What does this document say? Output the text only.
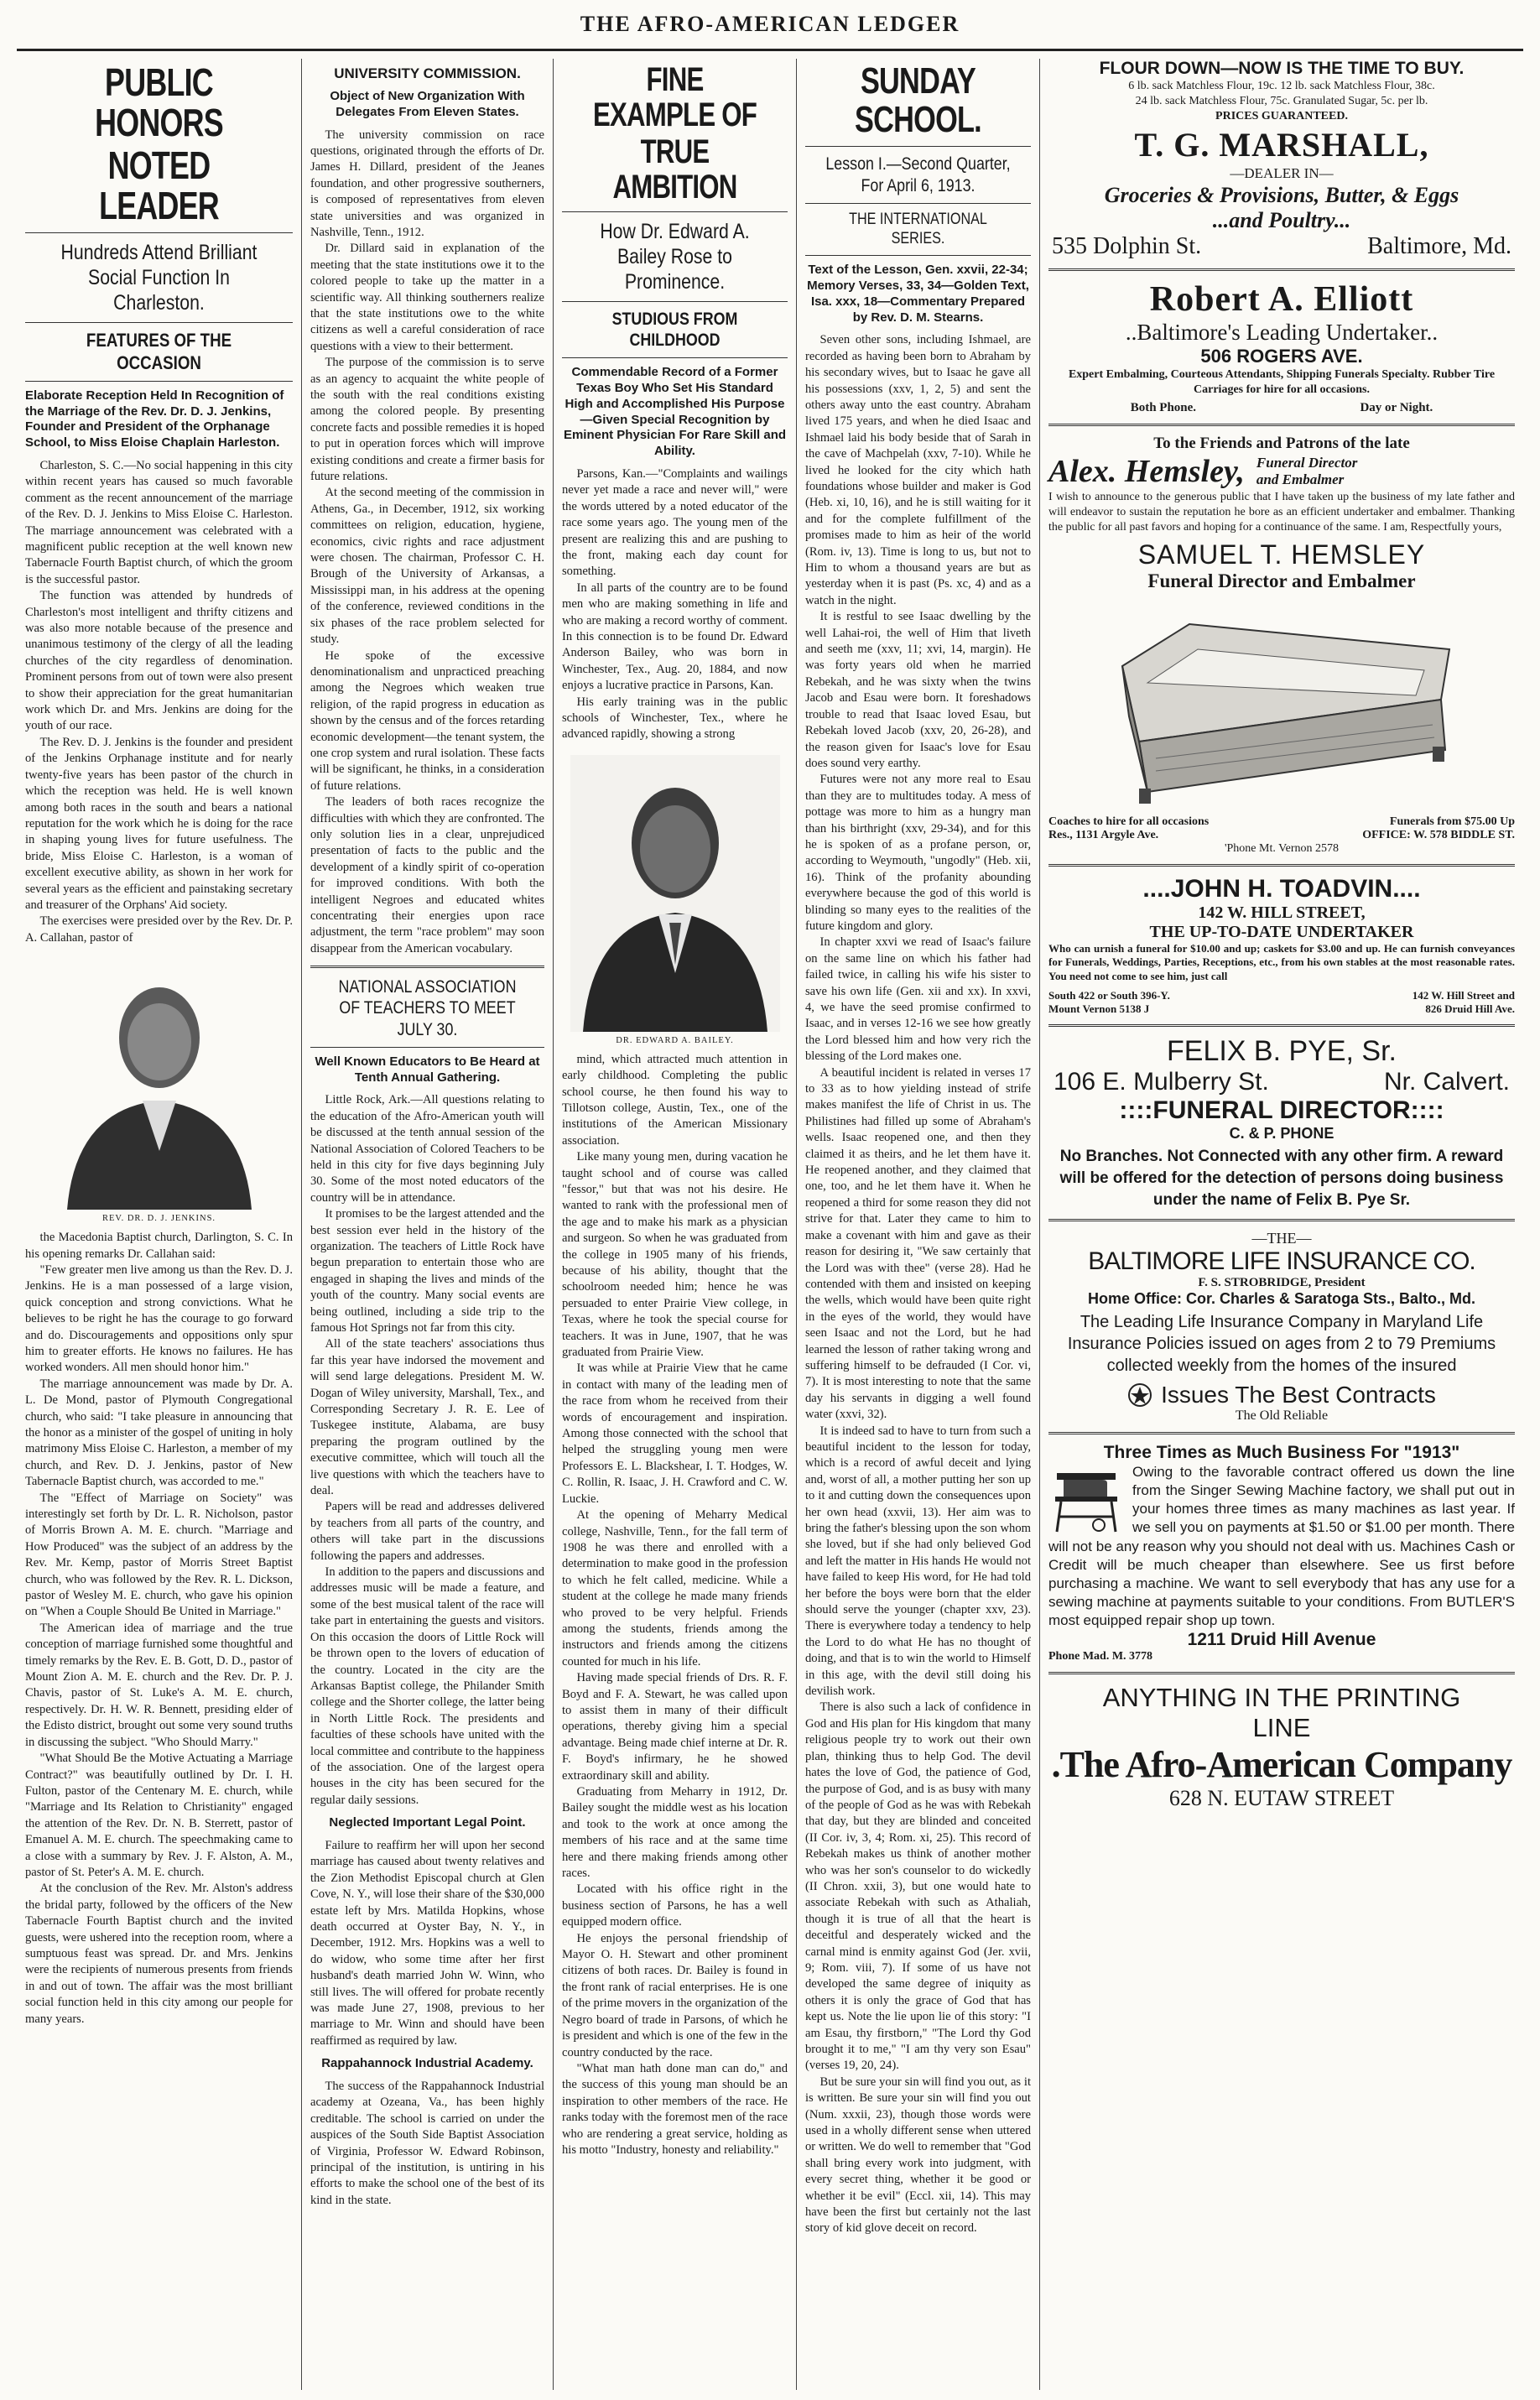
THE AFRO-AMERICAN LEDGER
PUBLIC HONORS
NOTED LEADER
Hundreds Attend Brilliant Social Function In Charleston.
FEATURES OF THE OCCASION
Elaborate Reception Held In Recognition of the Marriage of the Rev. Dr. D. J. Jenkins, Founder and President of the Orphanage School, to Miss Eloise Chaplain Harleston.

Charleston, S. C.—No social happening in this city within recent years has caused so much favorable comment as the recent announcement of the marriage of the Rev. D. J. Jenkins to Miss Eloise C. Harleston. The marriage announcement was celebrated with a magnificent public reception at the well known new Tabernacle Fourth Baptist church, of which the groom is the successful pastor.

The function was attended by hundreds of Charleston's most intelligent and thrifty citizens and was also more notable because of the presence and unanimous testimony of the clergy of all the leading churches of the city regardless of denomination. Prominent persons from out of town were also present to show their appreciation for the great humanitarian work which Dr. and Mrs. Jenkins are doing for the youth of our race.

The Rev. D. J. Jenkins is the founder and president of the Jenkins Orphanage institute and for nearly twenty-five years has been pastor of the church in which the reception was held. He is well known among both races in the south and bears a national reputation for the work which he is doing for the race in shaping young lives for future usefulness. The bride, Miss Eloise C. Harleston, is a woman of excellent executive ability, as shown in her work for several years as the efficient and painstaking secretary and treasurer of the Orphans' Aid society.

The exercises were presided over by the Rev. Dr. P. A. Callahan, pastor of

REV. DR. D. J. JENKINS.

the Macedonia Baptist church, Darlington, S. C. In his opening remarks Dr. Callahan said:

"Few greater men live among us than the Rev. D. J. Jenkins. He is a man possessed of a large vision, quick conception and strong convictions. What he believes to be right he has the courage to go forward and do. Discouragements and oppositions only spur him to greater efforts. He knows no failures. He has worked wonders. All men should honor him."

The marriage announcement was made by Dr. A. L. De Mond, pastor of Plymouth Congregational church, who said: "I take pleasure in announcing that the honor as a minister of the gospel of uniting in holy matrimony Miss Eloise C. Harleston, a member of my church, and Rev. D. J. Jenkins, pastor of New Tabernacle Baptist church, was accorded to me."

The "Effect of Marriage on Society" was interestingly set forth by Dr. L. R. Nicholson, pastor of Morris Brown A. M. E. church. "Marriage and How Produced" was the subject of an address by the Rev. Mr. Kemp, pastor of Morris Street Baptist church, who was followed by the Rev. R. L. Dickson, pastor of Wesley M. E. church, who gave his opinion on "When a Couple Should Be United in Marriage."

The American idea of marriage and the true conception of marriage furnished some thoughtful and timely remarks by the Rev. E. B. Gott, D. D., pastor of Mount Zion A. M. E. church and the Rev. Dr. P. J. Chavis, pastor of St. Luke's A. M. E. church, respectively. Dr. H. W. R. Bennett, presiding elder of the Edisto district, brought out some very sound truths in discussing the subject. "Who Should Marry."

"What Should Be the Motive Actuating a Marriage Contract?" was beautifully outlined by Dr. I. H. Fulton, pastor of the Centenary M. E. church, while "Marriage and Its Relation to Christianity" engaged the attention of the Rev. Dr. N. B. Sterrett, pastor of Emanuel A. M. E. church. The speechmaking came to a close with a summary by Rev. J. F. Alston, A. M., pastor of St. Peter's A. M. E. church.

At the conclusion of the Rev. Mr. Alston's address the bridal party, followed by the officers of the New Tabernacle Fourth Baptist church and the invited guests, were ushered into the reception room, where a sumptuous feast was spread. Dr. and Mrs. Jenkins were the recipients of numerous presents from friends in and out of town. The affair was the most brilliant social function held in this city among our people for many years.

UNIVERSITY COMMISSION.
Object of New Organization With Delegates From Eleven States.

The university commission on race questions, originated through the efforts of Dr. James H. Dillard, president of the Jeanes foundation, and other progressive southerners, is composed of representatives from eleven state universities and was organized in Nashville, Tenn., 1912.

Dr. Dillard said in explanation of the meeting that the state institutions owe it to the colored people to take up the matter in a scientific way. All thinking southerners realize that the state institutions owe to the white citizens as well a careful consideration of race questions with a view to their betterment.

The purpose of the commission is to serve as an agency to acquaint the white people of the south with the real conditions existing among the colored people. By presenting concrete facts and possible remedies it is hoped to put in operation forces which will improve existing conditions and create a firmer basis for future relations.

At the second meeting of the commission in Athens, Ga., in December, 1912, six working committees on religion, education, hygiene, economics, civic rights and race adjustment were chosen. The chairman, Professor C. H. Brough of the University of Arkansas, a Mississippi man, in his address at the opening of the conference, reviewed conditions in the six phases of the race problem selected for study.

He spoke of the excessive denominationalism and unpracticed preaching among the Negroes which weaken true religion, of the rapid progress in education as shown by the census and of the forces retarding economic development—the tenant system, the one crop system and rural isolation. These facts will be significant, he thinks, in a consideration of future relations.

The leaders of both races recognize the difficulties with which they are confronted. The only solution lies in a clear, unprejudiced presentation of facts to the public and the development of a kindly spirit of co-operation for improved conditions. With both the intelligent Negroes and educated whites concentrating their energies upon race adjustment, the term "race problem" may soon disappear from the American vocabulary.

NATIONAL ASSOCIATION OF TEACHERS TO MEET JULY 30.
Well Known Educators to Be Heard at Tenth Annual Gathering.

Little Rock, Ark.—All questions relating to the education of the Afro-American youth will be discussed at the tenth annual session of the National Association of Colored Teachers to be held in this city for five days beginning July 30. Some of the most noted educators of the country will be in attendance.

It promises to be the largest attended and the best session ever held in the history of the organization. The teachers of Little Rock have begun preparation to entertain those who are engaged in shaping the lives and minds of the youth of the country. Many social events are being outlined, including a side trip to the famous Hot Springs not far from this city.

All of the state teachers' associations thus far this year have indorsed the movement and will send large delegations. President M. W. Dogan of Wiley university, Marshall, Tex., and Corresponding Secretary J. R. E. Lee of Tuskegee institute, Alabama, are busy preparing the program outlined by the executive committee, which will touch all the live questions with which the teachers have to deal.

Papers will be read and addresses delivered by teachers from all parts of the country, and others will take part in the discussions following the papers and addresses.

In addition to the papers and discussions and addresses music will be made a feature, and some of the best musical talent of the race will take part in entertaining the guests and visitors. On this occasion the doors of Little Rock will be thrown open to the lovers of education of the country. Located in the city are the Arkansas Baptist college, the Philander Smith college and the Shorter college, the latter being in North Little Rock. The presidents and faculties of these schools have united with the local committee and contribute to the happiness of the association. One of the largest opera houses in the city has been secured for the regular daily sessions.

Neglected Important Legal Point.

Failure to reaffirm her will upon her second marriage has caused about twenty relatives and the Zion Methodist Episcopal church at Glen Cove, N. Y., will lose their share of the $30,000 estate left by Mrs. Matilda Hopkins, whose death occurred at Oyster Bay, N. Y., in December, 1912. Mrs. Hopkins was a well to do widow, who some time after her first husband's death married John W. Winn, who still lives. The will offered for probate recently was made June 27, 1908, previous to her marriage to Mr. Winn and should have been reaffirmed as required by law.

Rappahannock Industrial Academy.

The success of the Rappahannock Industrial academy at Ozeana, Va., has been highly creditable. The school is carried on under the auspices of the South Side Baptist Association of Virginia, Professor W. Edward Robinson, principal of the institution, is untiring in his efforts to make the school one of the best of its kind in the state.

FINE EXAMPLE OF
TRUE AMBITION
How Dr. Edward A. Bailey Rose to Prominence.
STUDIOUS FROM CHILDHOOD
Commendable Record of a Former Texas Boy Who Set His Standard High and Accomplished His Purpose—Given Special Recognition by Eminent Physician For Rare Skill and Ability.

Parsons, Kan.—"Complaints and wailings never yet made a race and never will," were the words uttered by a noted educator of the race some years ago. The young men of the present are realizing this and are pushing to the front, making each day count for something.

In all parts of the country are to be found men who are making something in life and who are making a record worthy of comment. In this connection is to be found Dr. Edward Anderson Bailey, who was born in Winchester, Tex., Aug. 20, 1884, and now enjoys a lucrative practice in Parsons, Kan.

His early training was in the public schools of Winchester, Tex., where he advanced rapidly, showing a strong

DR. EDWARD A. BAILEY.

mind, which attracted much attention in early childhood. Completing the public school course, he then found his way to Tillotson college, Austin, Tex., one of the institutions of the American Missionary association.

Like many young men, during vacation he taught school and of course was called "fessor," but that was not his desire. He wanted to rank with the professional men of the age and to make his mark as a physician and surgeon. So when he was graduated from the college in 1905 many of his friends, because of his ability, thought that the schoolroom needed him; hence he was persuaded to enter Prairie View college, in Texas, where he took the special course for teachers. It was in June, 1907, that he was graduated from Prairie View.

It was while at Prairie View that he came in contact with many of the leading men of the race from whom he received from their words of encouragement and inspiration. Among those connected with the school that helped the struggling young men were Professors E. L. Blackshear, I. T. Hodges, W. C. Rollin, R. Isaac, J. H. Crawford and C. W. Luckie.

At the opening of Meharry Medical college, Nashville, Tenn., for the fall term of 1908 he was there and enrolled with a determination to make good in the profession to which he felt called, medicine. While a student at the college he made many friends who proved to be very helpful. Friends among the students, friends among the instructors and friends among the citizens counted for much in his life.

Having made special friends of Drs. R. F. Boyd and F. A. Stewart, he was called upon to assist them in many of their difficult operations, thereby giving him a special advantage. Being made chief interne at Dr. R. F. Boyd's infirmary, he he showed extraordinary skill and ability.

Graduating from Meharry in 1912, Dr. Bailey sought the middle west as his location and took to the work at once among the members of his race and at the same time here and there making friends among other races.

Located with his office right in the business section of Parsons, he has a well equipped modern office.

He enjoys the personal friendship of Mayor O. H. Stewart and other prominent citizens of both races. Dr. Bailey is found in the front rank of racial enterprises. He is one of the prime movers in the organization of the Negro board of trade in Parsons, of which he is president and which is one of the few in the country conducted by the race.

"What man hath done man can do," and the success of this young man should be an inspiration to other members of the race. He ranks today with the foremost men of the race who are rendering a great service, holding as his motto "Industry, honesty and reliability."

SUNDAY SCHOOL.
Lesson I.—Second Quarter, For April 6, 1913.
THE INTERNATIONAL SERIES.
Text of the Lesson, Gen. xxvii, 22-34; Memory Verses, 33, 34—Golden Text, Isa. xxx, 18—Commentary Prepared by Rev. D. M. Stearns.

Seven other sons, including Ishmael, are recorded as having been born to Abraham by his secondary wives, but to Isaac he gave all his possessions (xxv, 1, 2, 5) and sent the others away unto the east country. Abraham lived 175 years, and when he died Isaac and Ishmael laid his body beside that of Sarah in the cave of Machpelah (xxv, 7-10). While he lived he looked for the city which hath foundations whose builder and maker is God (Heb. xi, 10, 16), and he is still waiting for it and for the complete fulfillment of the promises made to him as heir of the world (Rom. iv, 13). Time is long to us, but not to Him to whom a thousand years are but as yesterday when it is past (Ps. xc, 4) and as a watch in the night.

It is restful to see Isaac dwelling by the well Lahai-roi, the well of Him that liveth and seeth me (xxv, 11; xvi, 14, margin). He was forty years old when he married Rebekah, and he was sixty when the twins Jacob and Esau were born. It foreshadows trouble to read that Isaac loved Esau, but Rebekah loved Jacob (xxv, 20, 26-28), and the reason given for Isaac's love for Esau does sound very earthy.

Futures were not any more real to Esau than they are to multitudes today. A mess of pottage was more to him as a hungry man than his birthright (xxv, 29-34), and for this he is spoken of as a profane person, or, according to Weymouth, "ungodly" (Heb. xii, 16). Think of the profanity abounding everywhere because the god of this world is blinding so many eyes to the realities of the future kingdom and glory.

In chapter xxvi we read of Isaac's failure on the same line on which his father had failed twice, in calling his wife his sister to save his own life (Gen. xii and xx). In xxvi, 4, we have the seed promise confirmed to Isaac, and in verses 12-16 we see how greatly the Lord blessed him and how very rich the blessing of the Lord makes one.

A beautiful incident is related in verses 17 to 33 as to how yielding instead of strife makes manifest the life of Christ in us. The Philistines had filled up some of Abraham's wells. Isaac reopened one, and then they claimed it as theirs, and he let them have it. He reopened another, and they claimed that one, too, and he let them have it. When he reopened a third for some reason they did not strive for that. Later they came to him to make a covenant with him and gave as their reason for desiring it, "We saw certainly that the Lord was with thee" (verse 28). Had he contended with them and insisted on keeping the wells, which would have been quite right in the eyes of the world, they would have seen Isaac and not the Lord, but he had learned the lesson of rather taking wrong and suffering himself to be defrauded (I Cor. vi, 7). It is most interesting to note that the same day his servants in digging a well found water (xxvi, 32).

It is indeed sad to have to turn from such a beautiful incident to the lesson for today, which is a record of awful deceit and lying and, worst of all, a mother putting her son up to it and cutting down the consequences upon her own head (xxvii, 13). Her aim was to bring the father's blessing upon the son whom she loved, but if she had only believed God and left the matter in His hands He would not have failed to keep His word, for He had told her before the boys were born that the elder should serve the younger (chapter xxv, 23). There is everywhere today a tendency to help the Lord to do what He has no thought of doing, and that is to win the world to Himself in this age, with the devil still doing his devilish work.

There is also such a lack of confidence in God and His plan for His kingdom that many religious people try to work out their own plan, thinking thus to help God. The devil hates the love of God, the patience of God, the purpose of God, and is as busy with many of the people of God as he was with Rebekah that day, but they are blinded and conceited (II Cor. iv, 3, 4; Rom. xi, 25). This record of Rebekah makes us think of another mother who was her son's counselor to do wickedly (II Chron. xxii, 3), but one would hate to associate Rebekah with such as Athaliah, though it is true of all that the heart is deceitful and desperately wicked and the carnal mind is enmity against God (Jer. xvii, 9; Rom. viii, 7). If some of us have not developed the same degree of iniquity as others it is only the grace of God that has kept us. Note the lie upon lie of this story: "I am Esau, thy firstborn," "The Lord thy God brought it to me," "I am thy very son Esau" (verses 19, 20, 24).

But be sure your sin will find you out, as it is written. Be sure your sin will find you out (Num. xxxii, 23), though those words were used in a wholly different sense when uttered or written. We do well to remember that "God shall bring every work into judgment, with every secret thing, whether it be good or whether it be evil" (Eccl. xii, 14). This may have been the first but certainly not the last story of kid glove deceit on record.

FLOUR DOWN—NOW IS THE TIME TO BUY.
6 lb. sack Matchless Flour, 19c. 12 lb. sack Matchless Flour, 38c.
24 lb. sack Matchless Flour, 75c. Granulated Sugar, 5c. per lb.
PRICES GUARANTEED.
T. G. MARSHALL,
—DEALER IN—
Groceries & Provisions, Butter, & Eggs
...and Poultry...
535 Dolphin St.	Baltimore, Md.
Robert A. Elliott
..Baltimore's Leading Undertaker..
506 ROGERS AVE.
Expert Embalming, Courteous Attendants, Shipping Funerals Specialty. Rubber Tire Carriages for hire for all occasions.
Both Phone.	Day or Night.
To the Friends and Patrons of the late
Alex. Hemsley, Funeral Director and Embalmer
I wish to announce to the generous public that I have taken up the business of my late father and will endeavor to sustain the reputation he bore as an efficient undertaker and embalmer. Thanking the public for all past favors and hoping for a continuance of the same. I am, Respectfully yours,
SAMUEL T. HEMSLEY
Funeral Director and Embalmer
Coaches to hire for all occasions	Funerals from $75.00 Up
Res., 1131 Argyle Ave.	OFFICE: W. 578 BIDDLE ST.
'Phone Mt. Vernon 2578
....JOHN H. TOADVIN....
142 W. HILL STREET,
THE UP-TO-DATE UNDERTAKER
Who can urnish a funeral for $10.00 and up; caskets for $3.00 and up. He can furnish conveyances for Funerals, Weddings, Parties, Receptions, etc., from his own stables at the most reasonable rates. You need not come to see him, just call
South 422 or South 396-Y.	142 W. Hill Street and
Mount Vernon 5138 J	826 Druid Hill Ave.
FELIX B. PYE, Sr.
106 E. Mulberry St.	Nr. Calvert.
::::FUNERAL DIRECTOR::::
C. & P. PHONE
No Branches. Not Connected with any other firm. A reward will be offered for the detection of persons doing business under the name of Felix B. Pye Sr.
—THE—
BALTIMORE LIFE INSURANCE CO.
F. S. STROBRIDGE, President
Home Office: Cor. Charles & Saratoga Sts., Balto., Md.
The Leading Life Insurance Company in Maryland Life Insurance Policies issued on ages from 2 to 79 Premiums collected weekly from the homes of the insured
Issues The Best Contracts
The Old Reliable
Three Times as Much Business For "1913"
Owing to the favorable contract offered us down the line from the Singer Sewing Machine factory, we shall put out in your homes three times as many machines as last year. If we sell you on payments at $1.50 or $1.00 per month. There will not be any reason why you should not deal with us. Machines Cash or Credit will be much cheaper than elsewhere. See us first before purchasing a machine. We want to sell everybody that has any use for a sewing machine at payments suitable to your conditions. From BUTLER'S most equipped repair shop up town.
1211 Druid Hill Avenue
Phone Mad. M. 3778
ANYTHING IN THE PRINTING
LINE
.The Afro-American Company
628 N. EUTAW STREET
